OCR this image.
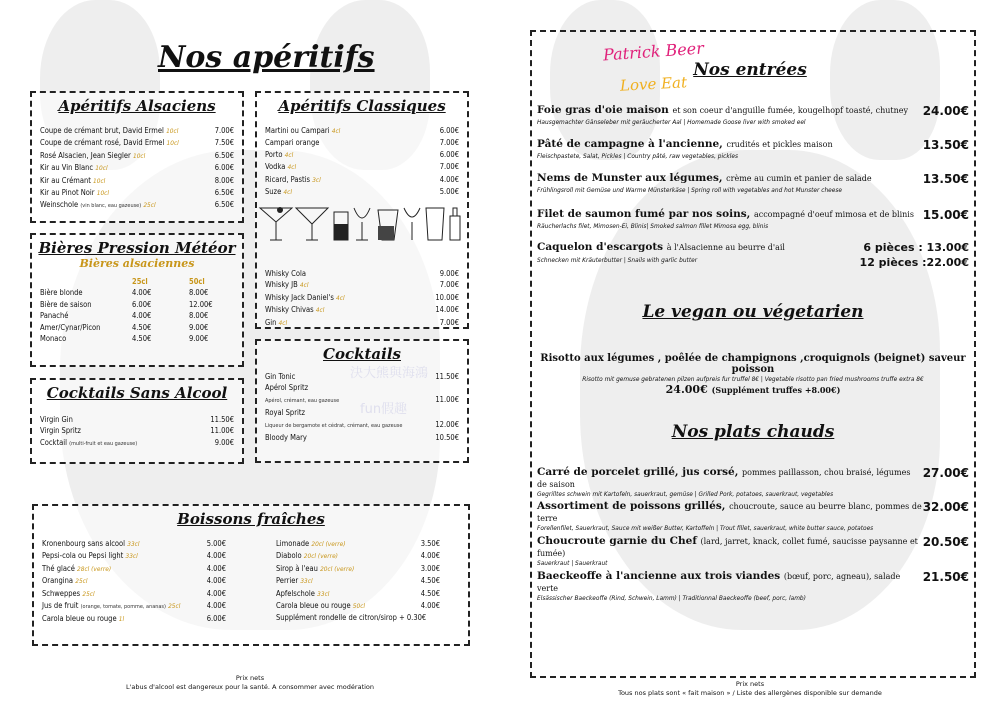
Nos apéritifs
Apéritifs Alsaciens
Coupe de crémant brut, David Ermel 10cl	7.00€
Coupe de crémant rosé, David Ermel 10cl	7.50€
Rosé Alsacien, Jean Siegler 10cl	6.50€
Kir au Vin Blanc 10cl	6.00€
Kir au Crémant 10cl	8.00€
Kir au Pinot Noir 10cl	6.50€
Weinschole (vin blanc, eau gazeuse) 25cl	6.50€
Apéritifs Classiques
Martini ou Campari 4cl	6.00€
Campari orange	7.00€
Porto 4cl	6.00€
Vodka 4cl	7.00€
Ricard, Pastis 3cl	4.00€
Suze 4cl	5.00€
Whisky Cola	9.00€
Whisky JB 4cl	7.00€
Whisky Jack Daniel's 4cl	10.00€
Whisky Chivas 4cl	14.00€
Gin 4cl	7.00€
Bières Pression Météor
Bières alsaciennes
25cl	50cl
Bière blonde	4.00€	8.00€
Bière de saison	6.00€	12.00€
Panaché	4.00€	8.00€
Amer/Cynar/Picon	4.50€	9.00€
Monaco	4.50€	9.00€
Cocktails
Gin Tonic	11.50€
Apérol Spritz
Apérol, crémant, eau gazeuse	11.00€
Royal Spritz
Liqueur de bergamote et cédrat, crémant, eau gazeuse	12.00€
Bloody Mary	10.50€
決大熊與海鴻
fun假趣
Cocktails Sans Alcool
Virgin Gin	11.50€
Virgin Spritz	11.00€
Cocktail (multi-fruit et eau gazeuse)	9.00€
Boissons fraîches
Kronenbourg sans alcool 33cl	5.00€
Pepsi-cola ou Pepsi light 33cl	4.00€
Thé glacé 28cl (verre)	4.00€
Orangina 25cl	4.00€
Schweppes 25cl	4.00€
Jus de fruit (orange, tomate, pomme, ananas) 25cl	4.00€
Carola bleue ou rouge 1l	6.00€
Limonade 20cl (verre)	3.50€
Diabolo 20cl (verre)	4.00€
Sirop à l'eau 20cl (verre)	3.00€
Perrier 33cl	4.50€
Apfelschole 33cl	4.50€
Carola bleue ou rouge 50cl	4.00€
Supplément rondelle de citron/sirop + 0.30€
Prix nets
L'abus d'alcool est dangereux pour la santé. A consommer avec modération
Patrick Beer
Love Eat
Nos entrées
Caquelon d'escargots à l'Alsacienne au beurre d'ail	6 pièces : 13.00€
Schnecken mit Kräuterbutter | Snails with garlic butter	12 pièces :22.00€
Le vegan ou végetarien
Risotto aux légumes , poêlée de champignons ,croquignols (beignet) saveur poisson
Risotto mit gemuse gebratenen pilzen aufpreis fur truffel 8€ | Vegetable risotto pan fried mushrooms truffe extra 8€
24.00€ (Supplément truffes +8.00€)
Nos plats chauds
Prix nets
Tous nos plats sont « fait maison » / Liste des allergènes disponible sur demande
Foie gras d'oie maison et son coeur d'anguille fumée, kougelhopf toasté, chutney 24.00€
Hausgemachter Gänseleber mit geräucherter Aal | Homemade Goose liver with smoked eel
Pâté de campagne à l'ancienne, crudités et pickles maison	13.50€
Fleischpastete, Salat, Pickles | Country pâté, raw vegetables, pickles
Nems de Munster aux légumes, crème au cumin et panier de salade	13.50€
Frühlingsroll mit Gemüse und Warme Münsterkäse | Spring roll with vegetables and hot Munster cheese
Filet de saumon fumé par nos soins, accompagné d'oeuf mimosa et de blinis 15.00€
Räucherlachs filet, Mimosen-Ei, Blinis| Smoked salmon fillet Mimosa egg, blinis
Carré de porcelet grillé, jus corsé, pommes paillasson, chou braisé, légumes de saison
27.00€
Gegrilltes schwein mit Kartofeln, sauerkraut, gemüse | Grilled Pork, potatoes, sauerkraut, vegetables
Assortiment de poissons grillés, choucroute, sauce au beurre blanc, pommes de terre
32.00€
Forellenfilet, Sauerkraut, Sauce mit weißer Butter, Kartoffeln | Trout fillet, sauerkraut, white butter sauce, potatoes
Choucroute garnie du Chef (lard, jarret, knack, collet fumé, saucisse paysanne et fumée)
20.50€
Sauerkraut | Sauerkraut
Baeckeoffe à l'ancienne aux trois viandes (bœuf, porc, agneau), salade verte
21.50€
Elsässischer Baeckeoffe (Rind, Schwein, Lamm) | Traditionnal Baeckeoffe (beef, porc, lamb)
